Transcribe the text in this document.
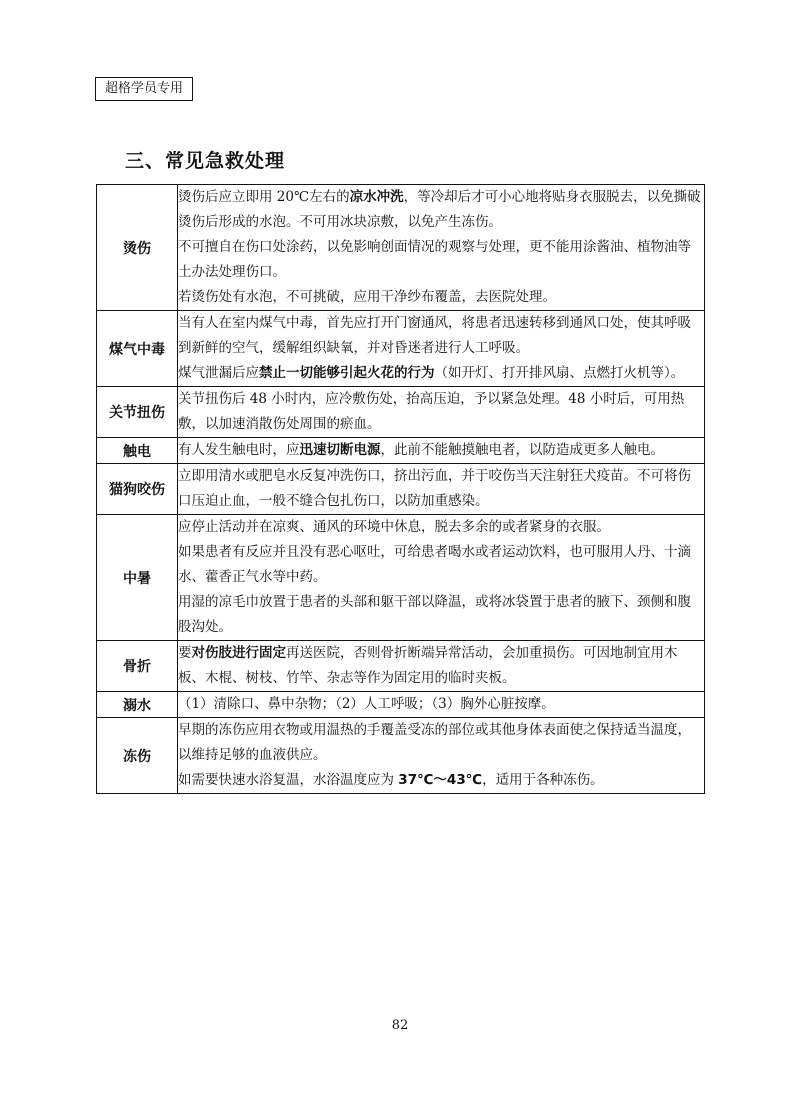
超格学员专用
三、常见急救处理
烫伤	烫伤后应立即用 20℃左右的凉水冲洗，等冷却后才可小心地将贴身衣服脱去，以免撕破烫伤后形成的水泡。不可用冰块凉敷，以免产生冻伤。

不可擅自在伤口处涂药，以免影响创面情况的观察与处理，更不能用涂酱油、植物油等土办法处理伤口。

若烫伤处有水泡，不可挑破，应用干净纱布覆盖，去医院处理。

煤气中毒	当有人在室内煤气中毒，首先应打开门窗通风，将患者迅速转移到通风口处，使其呼吸到新鲜的空气，缓解组织缺氧，并对昏迷者进行人工呼吸。

煤气泄漏后应禁止一切能够引起火花的行为（如开灯、打开排风扇、点燃打火机等）。

关节扭伤	关节扭伤后 48 小时内，应冷敷伤处，抬高压迫，予以紧急处理。48 小时后，可用热敷，以加速消散伤处周围的瘀血。

触电	有人发生触电时，应迅速切断电源，此前不能触摸触电者，以防造成更多人触电。

猫狗咬伤	立即用清水或肥皂水反复冲洗伤口，挤出污血，并于咬伤当天注射狂犬疫苗。不可将伤口压迫止血，一般不缝合包扎伤口，以防加重感染。

中暑	应停止活动并在凉爽、通风的环境中休息，脱去多余的或者紧身的衣服。

如果患者有反应并且没有恶心呕吐，可给患者喝水或者运动饮料，也可服用人丹、十滴水、藿香正气水等中药。

用湿的凉毛巾放置于患者的头部和躯干部以降温，或将冰袋置于患者的腋下、颈侧和腹股沟处。

骨折	要对伤肢进行固定再送医院，否则骨折断端异常活动，会加重损伤。可因地制宜用木板、木棍、树枝、竹竿、杂志等作为固定用的临时夹板。

溺水	（1）清除口、鼻中杂物；（2）人工呼吸；（3）胸外心脏按摩。

冻伤	早期的冻伤应用衣物或用温热的手覆盖受冻的部位或其他身体表面使之保持适当温度，以维持足够的血液供应。

如需要快速水浴复温，水浴温度应为 37℃～43℃，适用于各种冻伤。

82
